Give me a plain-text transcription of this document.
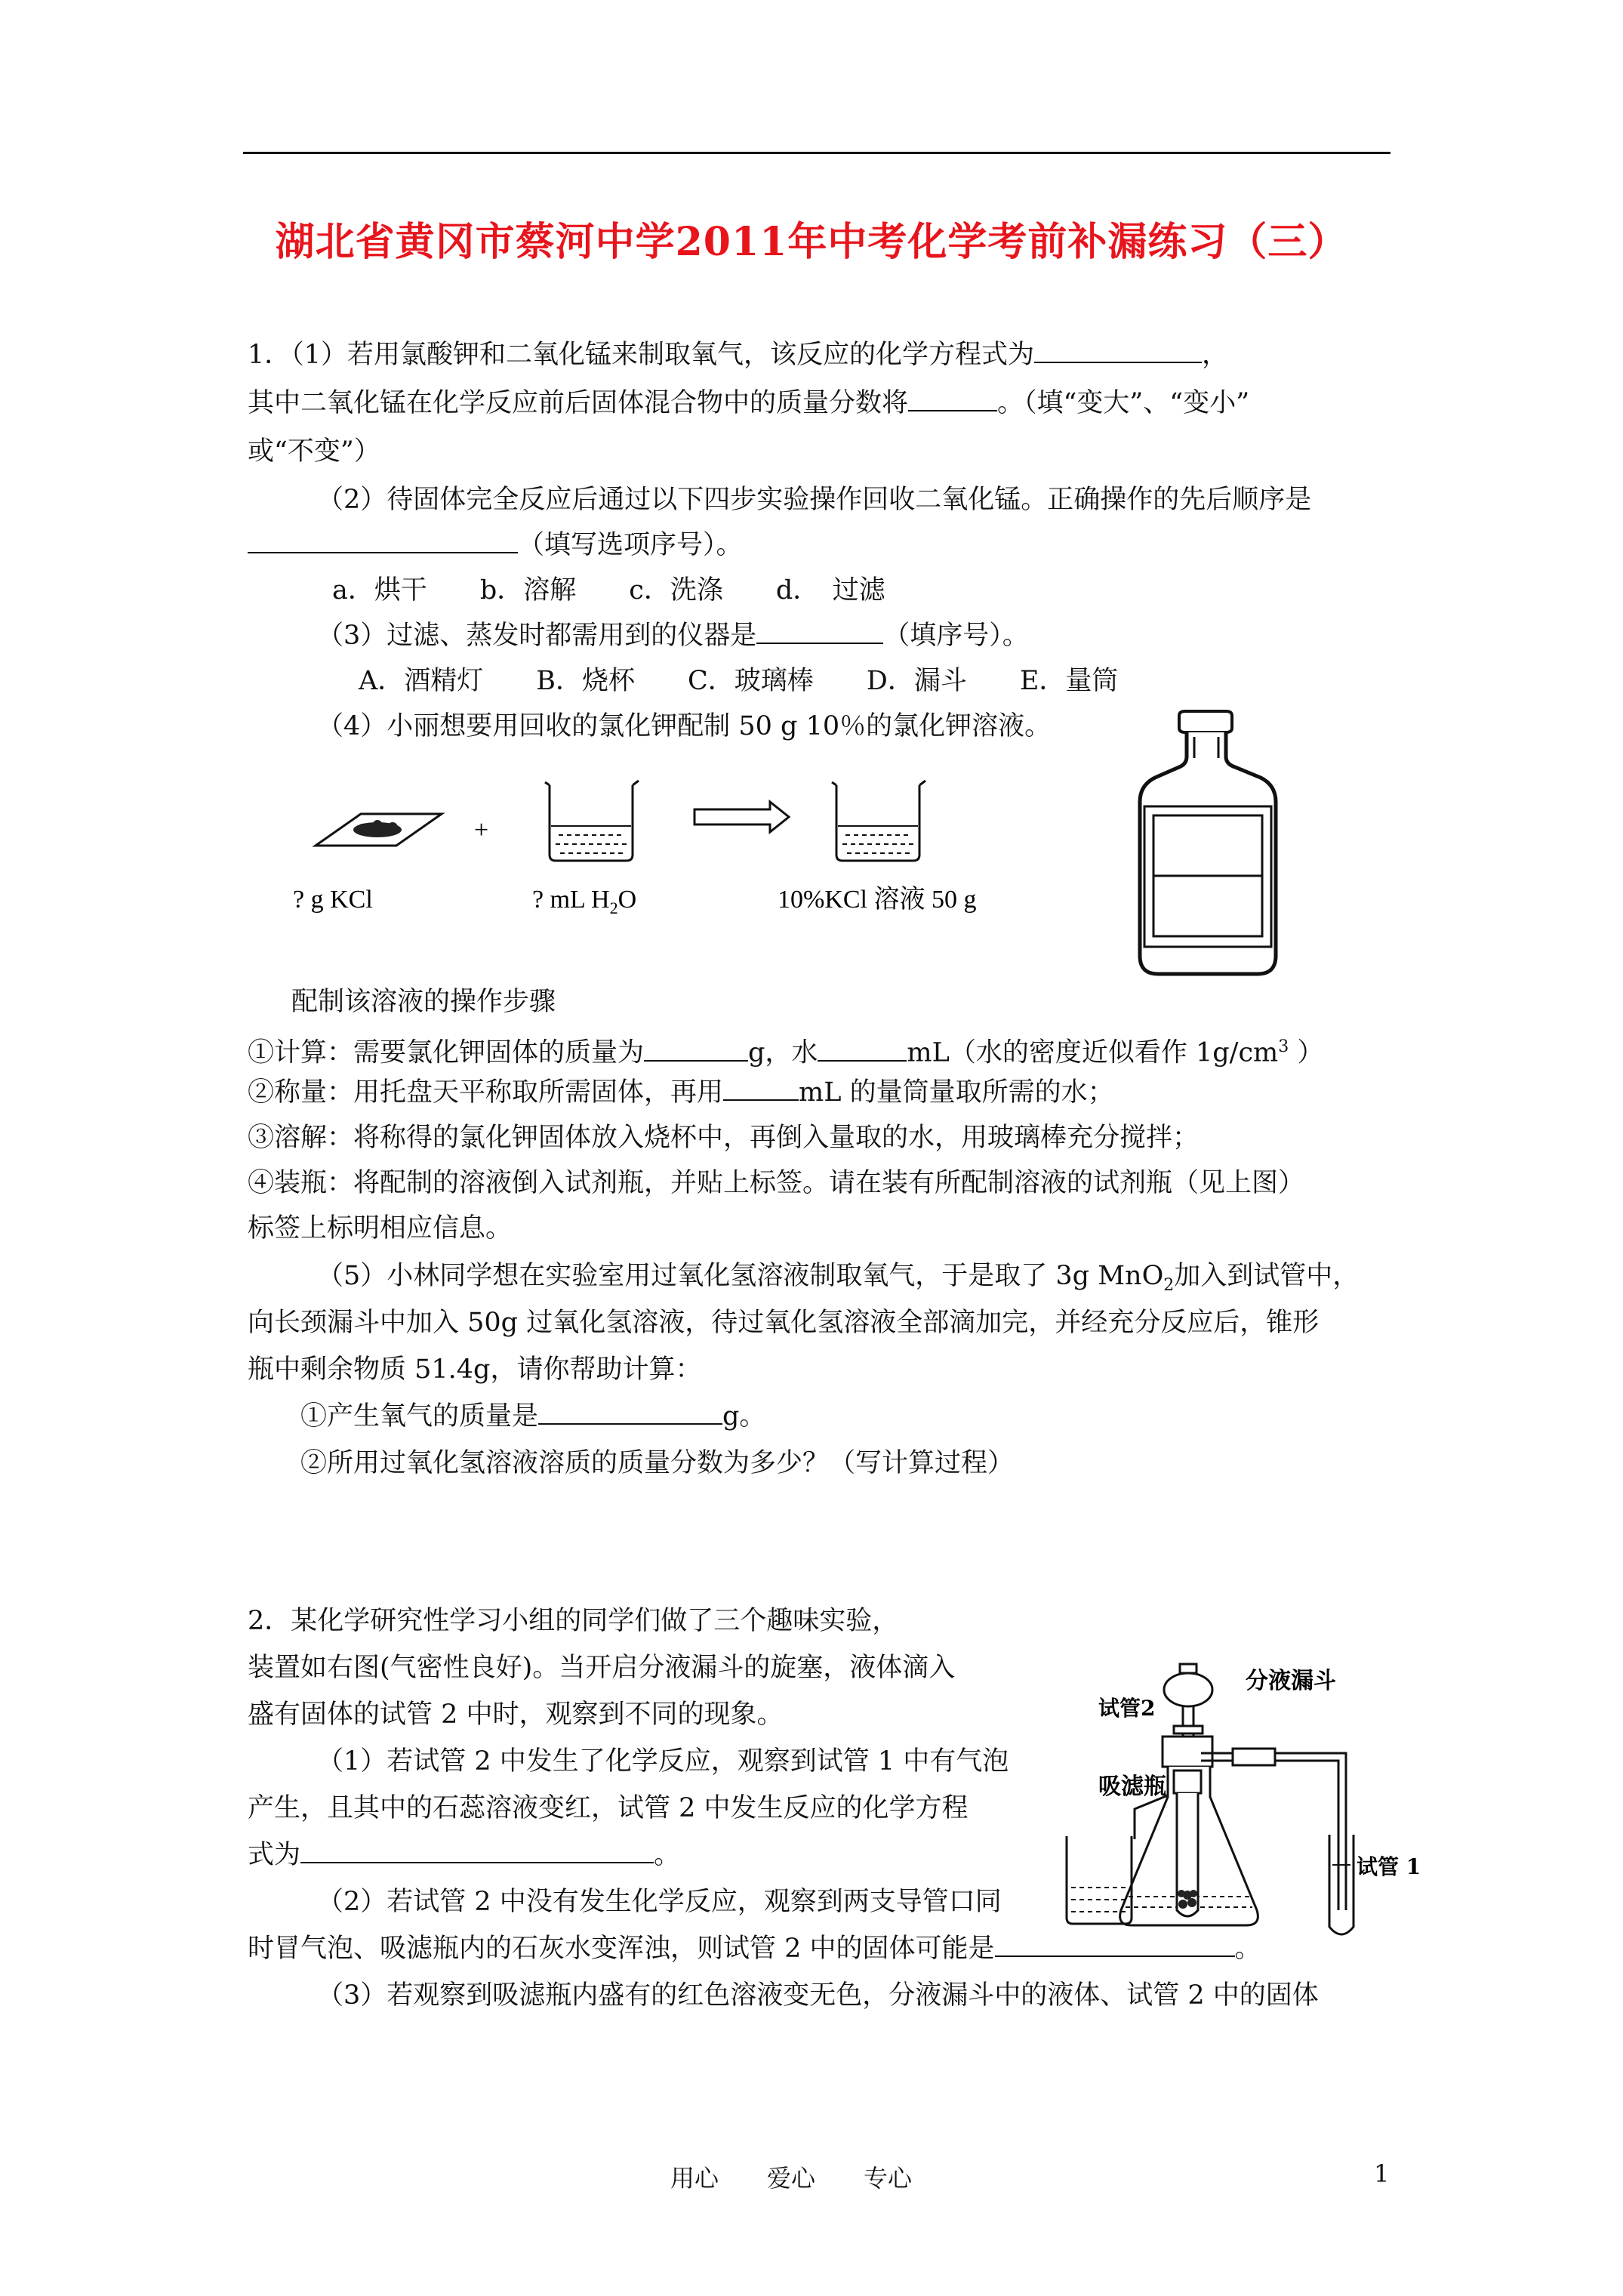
湖北省黄冈市蔡河中学2011年中考化学考前补漏练习（三）
1．（1）若用氯酸钾和二氧化锰来制取氧气，该反应的化学方程式为	，
其中二氧化锰在化学反应前后固体混合物中的质量分数将	。（填“变大”、“变小”
或“不变”）
（2）待固体完全反应后通过以下四步实验操作回收二氧化锰。正确操作的先后顺序是
（填写选项序号）。
a．烘干　　b．溶解　　c．洗涤　　d．　过滤
（3）过滤、蒸发时都需用到的仪器是	（填序号）。
A．酒精灯　　B．烧杯　　C．玻璃棒　　D．漏斗　　E．量筒
（4）小丽想要用回收的氯化钾配制 50 g 10％的氯化钾溶液。
? g KCl
+
? mL $H_2O$	10%KCl 溶液 50 g
配制该溶液的操作步骤
①计算：需要氯化钾固体的质量为	g，水	mL（水的密度近似看作 $1g/cm^3$ ）
②称量：用托盘天平称取所需固体，再用	mL 的量筒量取所需的水；
③溶解：将称得的氯化钾固体放入烧杯中，再倒入量取的水，用玻璃棒充分搅拌；
④装瓶：将配制的溶液倒入试剂瓶，并贴上标签。请在装有所配制溶液的试剂瓶（见上图）
标签上标明相应信息。
（5）小林同学想在实验室用过氧化氢溶液制取氧气，于是取了 3g MnO$_2$加入到试管中，
向长颈漏斗中加入 50g 过氧化氢溶液，待过氧化氢溶液全部滴加完，并经充分反应后，锥形
瓶中剩余物质 51.4g，请你帮助计算：
①产生氧气的质量是	g。
②所用过氧化氢溶液溶质的质量分数为多少？（写计算过程）
2．某化学研究性学习小组的同学们做了三个趣味实验，
装置如右图(气密性良好)。当开启分液漏斗的旋塞，液体滴入
盛有固体的试管 2 中时，观察到不同的现象。
（1）若试管 2 中发生了化学反应，观察到试管 1 中有气泡
产生，且其中的石蕊溶液变红，试管 2 中发生反应的化学方程
式为	。
（2）若试管 2 中没有发生化学反应，观察到两支导管口同
时冒气泡、吸滤瓶内的石灰水变浑浊，则试管 2 中的固体可能是	。
（3）若观察到吸滤瓶内盛有的红色溶液变无色，分液漏斗中的液体、试管 2 中的固体
分液漏斗
试管2
吸滤瓶
试管 1
用心　　爱心　　专心	1
